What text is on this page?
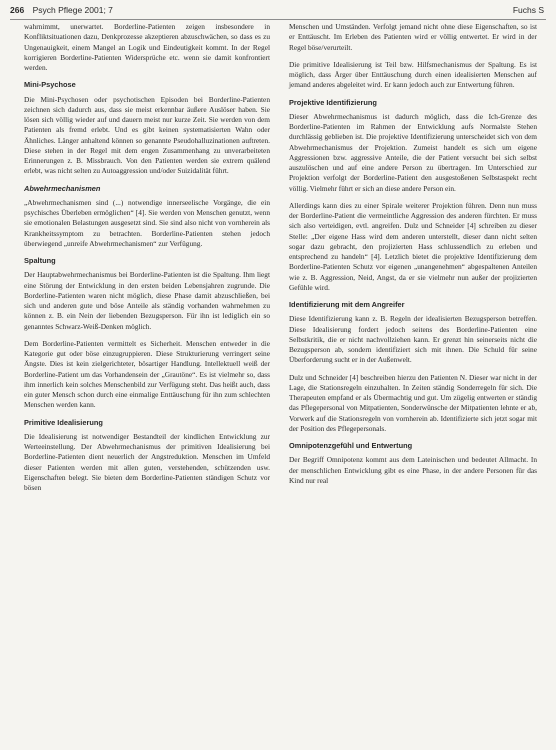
266 Psych Pflege 2001; 7	Fuchs S

wahrnimmt, unerwartet. Borderline-Patienten zeigen insbesondere in Konfliktsituationen dazu, Denkprozesse akzeptieren abzuschwächen, so dass es zu Ungenauigkeit, einem Mangel an Logik und Eindeutigkeit kommt. In der Regel korrigieren Borderline-Patienten Widersprüche etc. wenn sie damit konfrontiert werden.

Mini-Psychose

Die Mini-Psychosen oder psychotischen Episoden bei Borderline-Patienten zeichnen sich dadurch aus, dass sie meist erkennbar äußere Auslöser haben. Sie lösen sich völlig wieder auf und dauern meist nur kurze Zeit. Sie werden von dem Patienten als fremd erlebt. Und es gibt keinen systematisierten Wahn oder Ähnliches. Länger anhaltend können so genannte Pseudohalluzinationen auftreten. Diese stehen in der Regel mit dem engen Zusammenhang zu unverarbeiteten Erinnerungen z. B. Missbrauch. Von den Patienten werden sie extrem quälend erlebt, was nicht selten zu Autoaggression und/oder Suizidalität führt.

Abwehrmechanismen

„Abwehrmechanismen sind (...) notwendige innerseelische Vorgänge, die ein psychisches Überleben ermöglichen“ [4]. Sie werden von Menschen genutzt, wenn sie emotionalen Belastungen ausgesetzt sind. Sie sind also nicht von vornherein als Krankheitssymptom zu betrachten. Borderline-Patienten stehen jedoch überwiegend „unreife Abwehrmechanismen“ zur Verfügung.

Spaltung

Der Hauptabwehrmechanismus bei Borderline-Patienten ist die Spaltung. Ihm liegt eine Störung der Entwicklung in den ersten beiden Lebensjahren zugrunde. Die Borderline-Patienten waren nicht möglich, diese Phase damit abzuschließen, bei sich und anderen gute und böse Anteile als ständig vorhanden wahrnehmen zu können z. B. ein Nein der liebenden Bezugsperson. Für ihn ist lediglich ein so genanntes Schwarz-Weiß-Denken möglich.

Dem Borderline-Patienten vermittelt es Sicherheit. Menschen entweder in die Kategorie gut oder böse einzugruppieren. Diese Strukturierung verringert seine Ängste. Dies ist kein zielgerichteter, bösartiger Handlung. Intellektuell weiß der Borderline-Patient um das Vorhandensein der „Grautöne“. Es ist vielmehr so, dass ihm innerlich kein solches Menschenbild zur Verfügung steht. Das heißt auch, dass ein guter Mensch schon durch eine einmalige Enttäuschung für ihn zum schlechten Menschen werden kann.

Primitive Idealisierung

Die Idealisierung ist notwendiger Bestandteil der kindlichen Entwicklung zur Werteeinstellung. Der Abwehrmechanismus der primitiven Idealisierung bei Borderline-Patienten dient neuerlich der Angstreduktion. Menschen im Umfeld dieser Patienten werden mit allen guten, verstehenden, schützenden usw. Eigenschaften belegt. Sie bieten dem Borderline-Patienten ständigen Schutz vor bösen

Menschen und Umständen. Verfolgt jemand nicht ohne diese Eigenschaften, so ist er Enttäuscht. Im Erleben des Patienten wird er völlig entwertet. Er wird in der Regel böse/verurteilt.

Die primitive Idealisierung ist Teil bzw. Hilfsmechanismus der Spaltung. Es ist möglich, dass Ärger über Enttäuschung durch einen idealisierten Menschen auf jemand anderes abgeleitet wird. Er kann jedoch auch zur Entwertung führen.

Projektive Identifizierung

Dieser Abwehrmechanismus ist dadurch möglich, dass die Ich-Grenze des Borderline-Patienten im Rahmen der Entwicklung aufs Normalste Stehen durchlässig geblieben ist. Die projektive Identifizierung unterscheidet sich von dem Abwehrmechanismus der Projektion. Zumeist handelt es sich um eigene Aggressionen bzw. aggressive Anteile, die der Patient versucht bei sich selbst auszulöschen und auf eine andere Person zu übertragen. Im Unterschied zur Projektion verfolgt der Borderline-Patient den ausgestoßenen Selbstaspekt recht völlig. Vielmehr führt er sich an diese andere Person ein.

Allerdings kann dies zu einer Spirale weiterer Projektion führen. Denn nun muss der Borderline-Patient die vermeintliche Aggression des anderen fürchten. Er muss sich also verteidigen, evtl. angreifen. Dulz und Schneider [4] schreiben zu dieser Stelle: „Der eigene Hass wird dem anderen unterstellt, dieser dann nicht selten sogar dazu gebracht, den projizierten Hass schlussendlich zu erleben und entsprechend zu handeln“ [4]. Letzlich bietet die projektive Identifizierung dem Borderline-Patienten Schutz vor eigenen „unangenehmen“ abgespaltenen Anteilen wie z. B. Aggression, Neid, Angst, da er sie vielmehr nun außer der projizierten Gefühle wird.

Identifizierung mit dem Angreifer

Diese Identifizierung kann z. B. Regeln der idealisierten Bezugsperson betreffen. Diese Idealisierung fordert jedoch seitens des Borderline-Patienten eine Selbstkritik, die er nicht nachvollziehen kann. Er grenzt hin seinerseits nicht die Bezugsperson ab, sondern identifiziert sich mit ihnen. Die Schuld für seine Überforderung sucht er in der Außenwelt.

Dulz und Schneider [4] beschreiben hierzu den Patienten N. Dieser war nicht in der Lage, die Stationsregeln einzuhalten. In Zeiten ständig Sonderregeln für sich. Die Therapeuten empfand er als Übermachtig und gut. Um zügelig entwerten er ständig das Pflegepersonal von Mitpatienten, Sonderwünsche der Mitpatienten lehnte er ab, Vorwerk auf die Stationsregeln von vornherein ab. Identifizierte sich jetzt sogar mit der Position des Pflegepersonals.

Omnipotenzgefühl und Entwertung

Der Begriff Omnipotenz kommt aus dem Lateinischen und bedeutet Allmacht. In der menschlichen Entwicklung gibt es eine Phase, in der andere Personen für das Kind nur real
